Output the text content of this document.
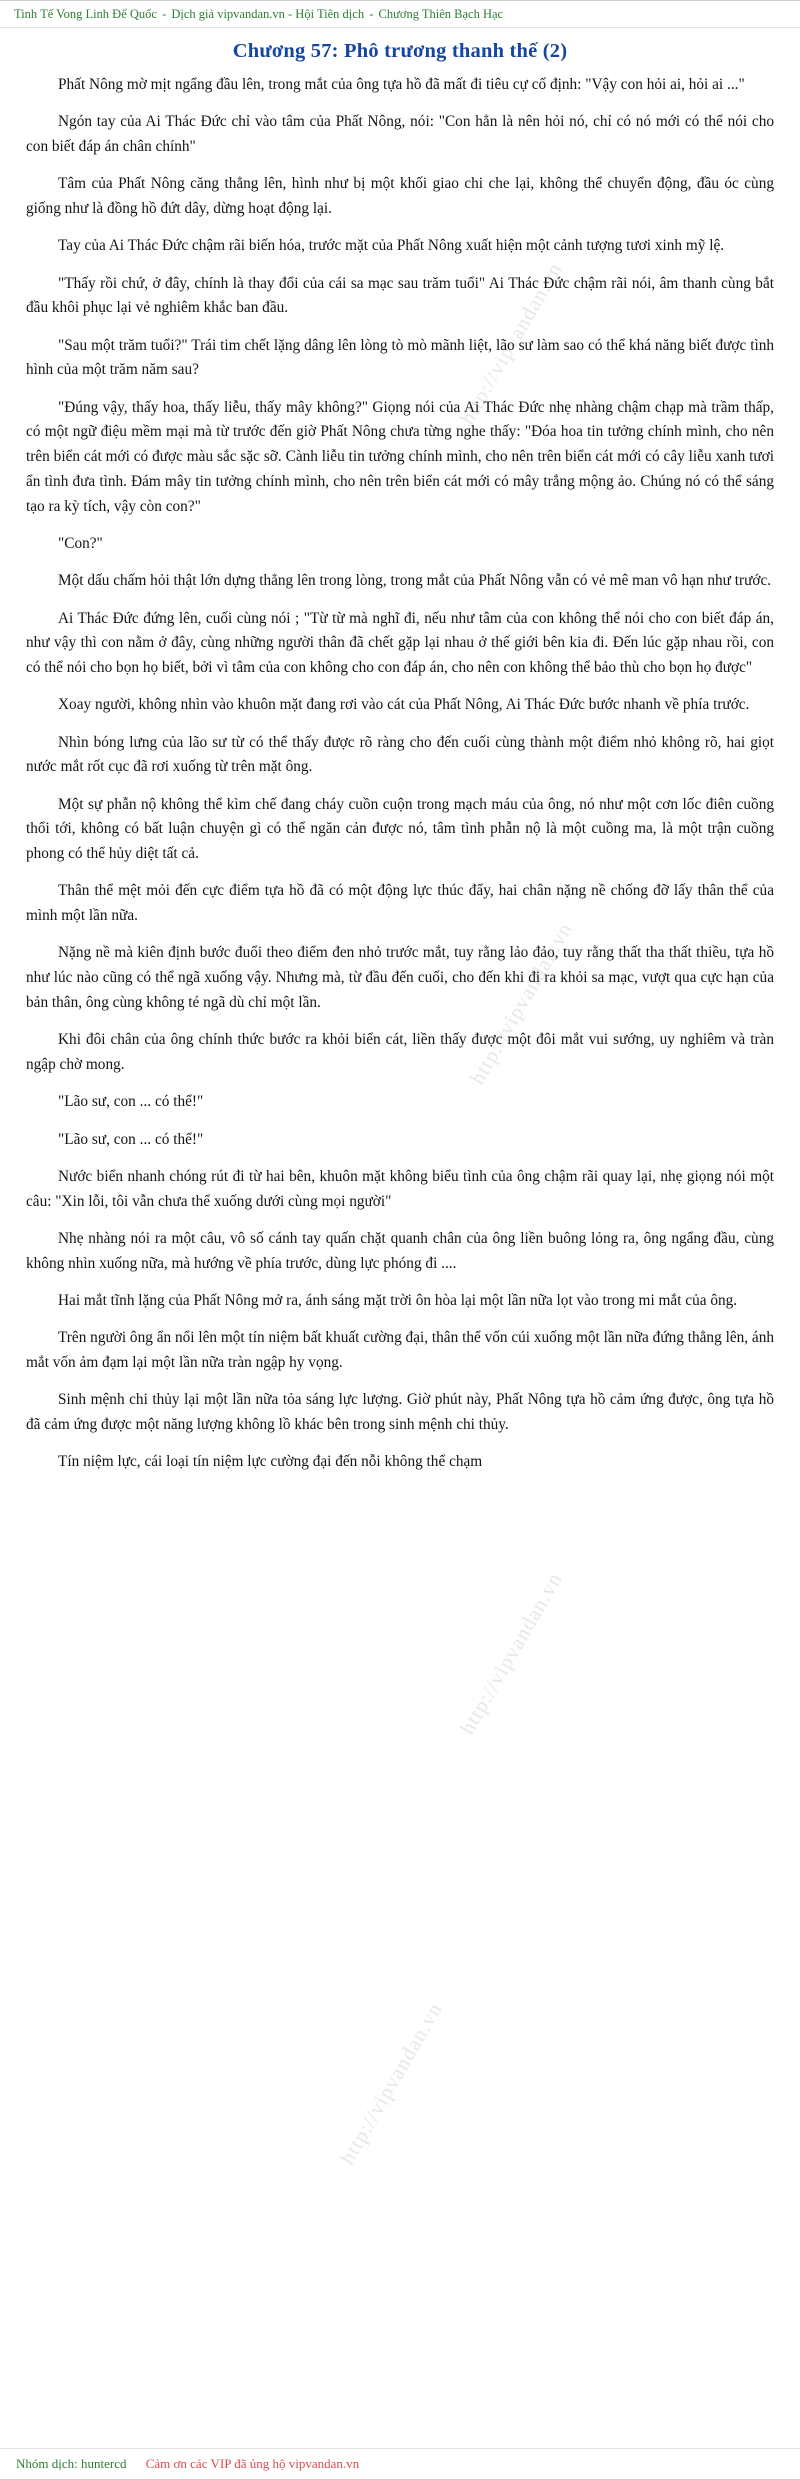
Tinh Tế Vong Linh Để Quốc - Dịch giả vipvandan.vn - Hội Tiên dịch - Chương Thiên Bạch Hạc
Chương 57: Phô trương thanh thế (2)
http://vipvandan.vn
http://vipvandan.vn
http://vipvandan.vn
http://vipvandan.vn

Phất Nông mờ mịt ngẩng đầu lên, trong mắt của ông tựa hồ đã mất đi tiêu cự cố định: "Vậy con hỏi ai, hỏi ai ..."

Ngón tay của Ai Thác Đức chỉ vào tâm của Phất Nông, nói: "Con hẳn là nên hỏi nó, chỉ có nó mới có thể nói cho con biết đáp án chân chính"

Tâm của Phất Nông căng thẳng lên, hình như bị một khối giao chi che lại, không thể chuyển động, đầu óc cùng giống như là đồng hồ đứt dây, dừng hoạt động lại.

Tay của Ai Thác Đức chậm rãi biến hóa, trước mặt của Phất Nông xuất hiện một cảnh tượng tươi xinh mỹ lệ.

"Thấy rồi chứ, ở đây, chính là thay đổi của cái sa mạc sau trăm tuổi" Ai Thác Đức chậm rãi nói, âm thanh cùng bắt đầu khôi phục lại vẻ nghiêm khắc ban đầu.

"Sau một trăm tuổi?" Trái tim chết lặng dâng lên lòng tò mò mãnh liệt, lão sư làm sao có thể khá năng biết được tình hình của một trăm năm sau?

"Đúng vậy, thấy hoa, thấy liễu, thấy mây không?" Giọng nói của Ai Thác Đức nhẹ nhàng chậm chạp mà trầm thấp, có một ngữ điệu mềm mại mà từ trước đến giờ Phất Nông chưa từng nghe thấy: "Đóa hoa tin tưởng chính mình, cho nên trên biển cát mới có được màu sắc sặc sỡ. Cành liễu tin tưởng chính mình, cho nên trên biển cát mới có cây liễu xanh tươi ẩn tình đưa tình. Đám mây tin tưởng chính mình, cho nên trên biển cát mới có mây trắng mộng ảo. Chúng nó có thể sáng tạo ra kỳ tích, vậy còn con?"

"Con?"

Một dấu chấm hỏi thật lớn dựng thẳng lên trong lòng, trong mắt của Phất Nông vẫn có vẻ mê man vô hạn như trước.

Ai Thác Đức đứng lên, cuối cùng nói ; "Từ từ mà nghĩ đi, nếu như tâm của con không thể nói cho con biết đáp án, như vậy thì con nằm ở đây, cùng những người thân đã chết gặp lại nhau ở thế giới bên kia đi. Đến lúc gặp nhau rồi, con có thể nói cho bọn họ biết, bởi vì tâm của con không cho con đáp án, cho nên con không thể bảo thù cho bọn họ được"

Xoay người, không nhìn vào khuôn mặt đang rơi vào cát của Phất Nông, Ai Thác Đức bước nhanh về phía trước.

Nhìn bóng lưng của lão sư từ có thể thấy được rõ ràng cho đến cuối cùng thành một điểm nhỏ không rõ, hai giọt nước mắt rốt cục đã rơi xuống từ trên mặt ông.

Một sự phẫn nộ không thể kìm chế đang cháy cuồn cuộn trong mạch máu của ông, nó như một cơn lốc điên cuồng thổi tới, không có bất luận chuyện gì có thể ngăn cản được nó, tâm tình phẫn nộ là một cuồng ma, là một trận cuồng phong có thể hủy diệt tất cả.

Thân thể mệt mỏi đến cực điểm tựa hồ đã có một động lực thúc đẩy, hai chân nặng nề chống đỡ lấy thân thể của mình một lần nữa.

Nặng nề mà kiên định bước đuổi theo điểm đen nhỏ trước mắt, tuy rằng lảo đảo, tuy rằng thất tha thất thiều, tựa hồ như lúc nào cũng có thể ngã xuống vậy. Nhưng mà, từ đầu đến cuối, cho đến khi đi ra khỏi sa mạc, vượt qua cực hạn của bản thân, ông cùng không té ngã dù chỉ một lần.

Khi đôi chân của ông chính thức bước ra khỏi biển cát, liền thấy được một đôi mắt vui sướng, uy nghiêm và tràn ngập chờ mong.

"Lão sư, con ... có thể!"

"Lão sư, con ... có thể!"

Nước biển nhanh chóng rút đi từ hai bên, khuôn mặt không biểu tình của ông chậm rãi quay lại, nhẹ giọng nói một câu: "Xin lỗi, tôi vẫn chưa thể xuống dưới cùng mọi người"

Nhẹ nhàng nói ra một câu, vô số cánh tay quấn chặt quanh chân của ông liền buông lỏng ra, ông ngẩng đầu, cùng không nhìn xuống nữa, mà hướng về phía trước, dùng lực phóng đi ....

Hai mắt tĩnh lặng của Phất Nông mở ra, ánh sáng mặt trời ôn hòa lại một lần nữa lọt vào trong mi mắt của ông.

Trên người ông ẩn nổi lên một tín niệm bất khuất cường đại, thân thể vốn cúi xuống một lần nữa đứng thẳng lên, ánh mắt vốn ảm đạm lại một lần nữa tràn ngập hy vọng.

Sinh mệnh chi thủy lại một lần nữa tỏa sáng lực lượng. Giờ phút này, Phất Nông tựa hồ cảm ứng được, ông tựa hồ đã cảm ứng được một năng lượng không lồ khác bên trong sinh mệnh chi thủy.

Tín niệm lực, cái loại tín niệm lực cường đại đến nỗi không thể chạm

Nhóm dịch: huntercd Cảm ơn các VIP đã ủng hộ vipvandan.vn
